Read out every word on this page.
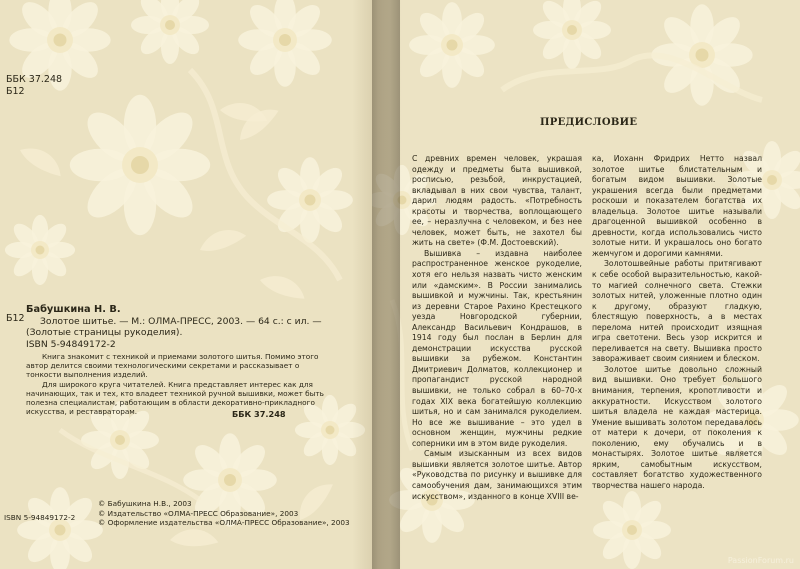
ББК 37.248
Б12
Б12
Бабушкина Н. В.
Золотое шитье. — М.: ОЛМА-ПРЕСС, 2003. — 64 с.: с ил. —
(Золотые страницы рукоделия).
ISBN 5-94849172-2

Книга знакомит с техникой и приемами золотого шитья. Помимо этого автор делится своими технологическими секретами и рассказывает о тонкости выполнения изделий.

Для широкого круга читателей. Книга представляет интерес как для начинающих, так и тех, кто владеет техникой ручной вышивки, может быть полезна специалистам, работающим в области декоративно-прикладного искусства, и реставраторам.	ББК 37.248
ISBN 5-94849172-2
© Бабушкина Н.В., 2003
© Издательство «ОЛМА-ПРЕСС Образование», 2003
© Оформление издательства «ОЛМА-ПРЕСС Образование», 2003
ПРЕДИСЛОВИЕ

С древних времен человек, украшая одежду и предметы быта вышивкой, росписью, резьбой, инкрустацией, вкладывал в них свои чувства, талант, дарил людям радость. «Потребность красоты и творчества, воплощающего ее, – неразлучна с человеком, и без нее человек, может быть, не захотел бы жить на свете» (Ф.М. Достоевский).

Вышивка – издавна наиболее распространенное женское рукоделие, хотя его нельзя назвать чисто женским или «дамским». В России занимались вышивкой и мужчины. Так, крестьянин из деревни Старое Рахино Крестецкого уезда Новгородской губернии, Александр Васильевич Кондрашов, в 1914 году был послан в Берлин для демонстрации искусства русской вышивки за рубежом. Константин Дмитриевич Долматов, коллекционер и пропагандист русской народной вышивки, не только собрал в 60–70-х годах XIX века богатейшую коллекцию шитья, но и сам занимался рукоделием. Но все же вышивание – это удел в основном женщин, мужчины редкие соперники им в этом виде рукоделия.

Самым изысканным из всех видов вышивки является золотое шитье. Автор «Руководства по рисунку и вышивке для самообучения дам, занимающихся этим искусством», изданного в конце XVIII ве-

ка, Иоханн Фридрих Нетто назвал золотое шитье блистательным и богатым видом вышивки. Золотые украшения всегда были предметами роскоши и показателем богатства их владельца. Золотое шитье называли драгоценной вышивкой особенно в древности, когда использовались чисто золотые нити. И украшалось оно богато жемчугом и дорогими камнями.

Золотошвейные работы притягивают к себе особой выразительностью, какой-то магией солнечного света. Стежки золотых нитей, уложенные плотно один к другому, образуют гладкую, блестящую поверхность, а в местах перелома нитей происходит изящная игра светотени. Весь узор искрится и переливается на свету. Вышивка просто завораживает своим сиянием и блеском.

Золотое шитье довольно сложный вид вышивки. Оно требует большого внимания, терпения, кропотливости и аккуратности. Искусством золотого шитья владела не каждая мастерица. Умение вышивать золотом передавалось от матери к дочери, от поколения к поколению, ему обучались и в монастырях. Золотое шитье является ярким, самобытным искусством, составляет богатство художественного творчества нашего народа.

PassionForum.ru
